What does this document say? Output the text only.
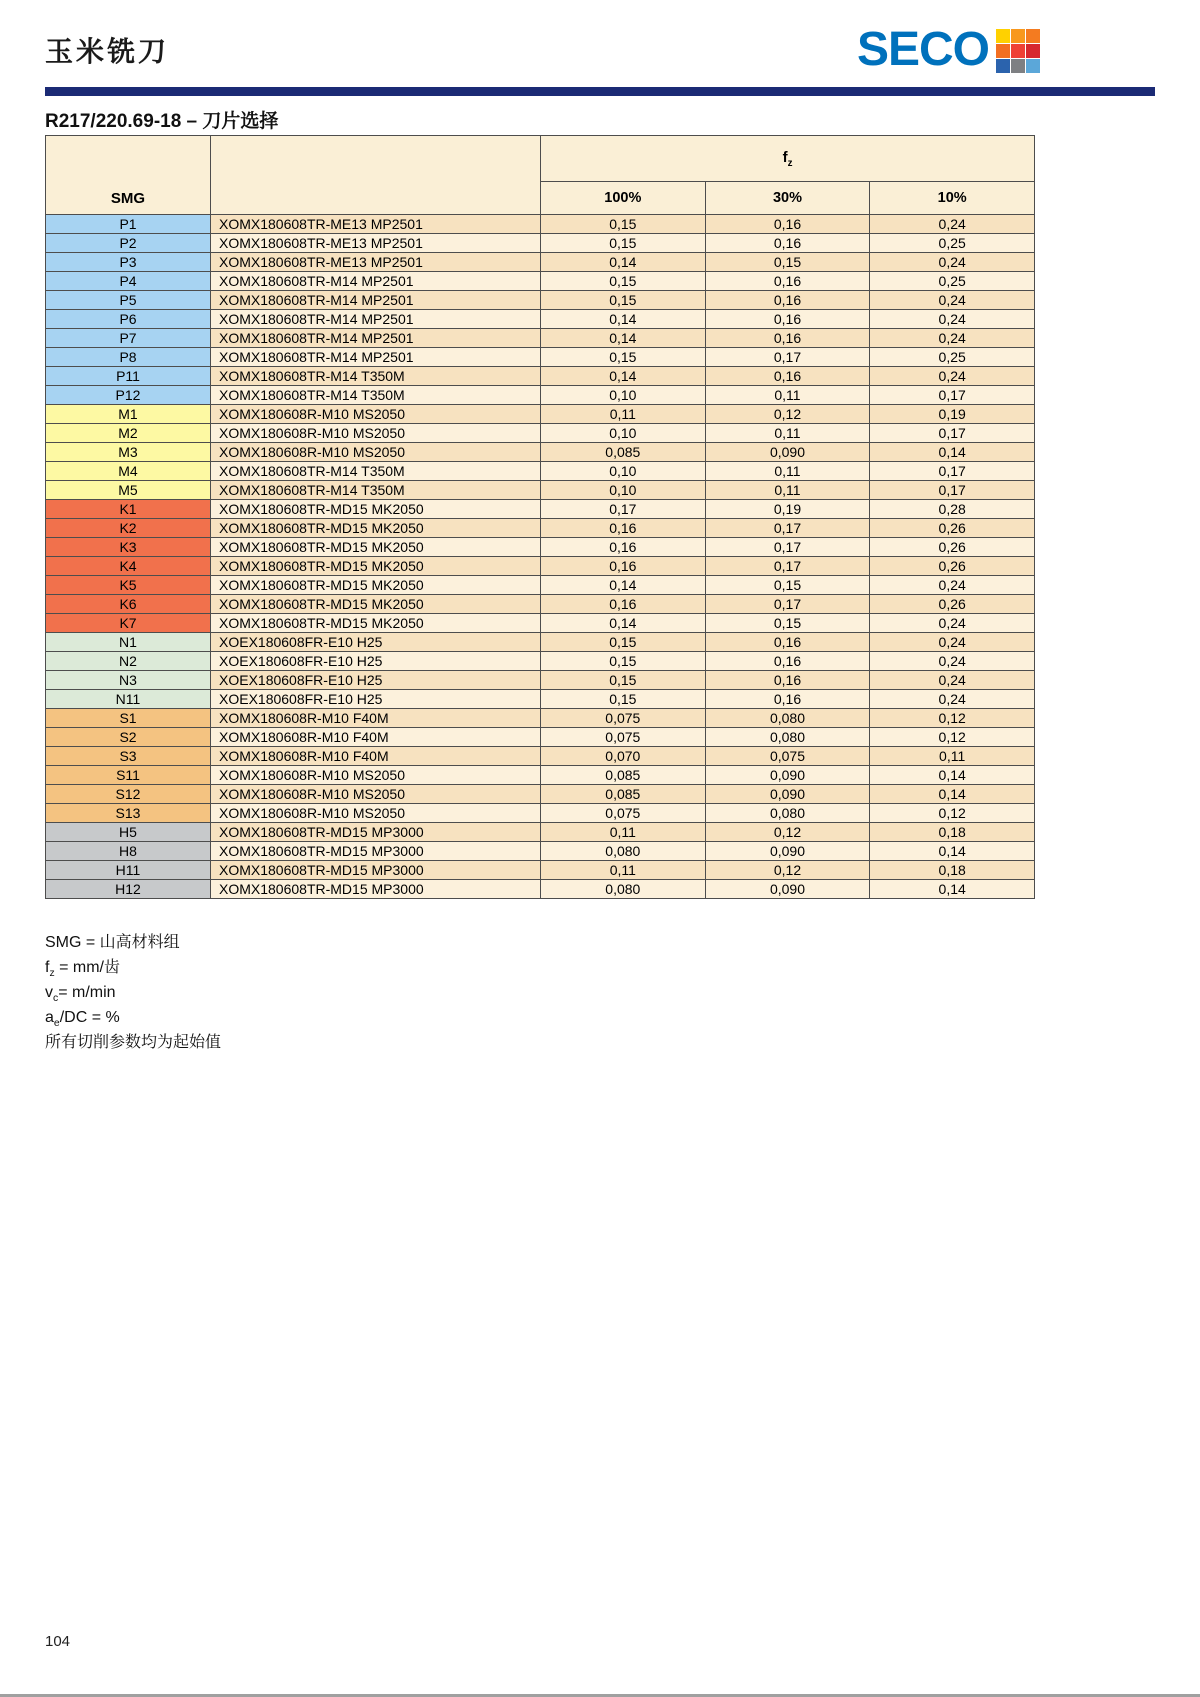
玉米铣刀	SECO
R217/220.69-18 – 刀片选择
SMG		$f_z$
		100%	30%	10%
P1	XOMX180608TR-ME13 MP2501	0,15	0,16	0,24
P2	XOMX180608TR-ME13 MP2501	0,15	0,16	0,25
P3	XOMX180608TR-ME13 MP2501	0,14	0,15	0,24
P4	XOMX180608TR-M14 MP2501	0,15	0,16	0,25
P5	XOMX180608TR-M14 MP2501	0,15	0,16	0,24
P6	XOMX180608TR-M14 MP2501	0,14	0,16	0,24
P7	XOMX180608TR-M14 MP2501	0,14	0,16	0,24
P8	XOMX180608TR-M14 MP2501	0,15	0,17	0,25
P11	XOMX180608TR-M14 T350M	0,14	0,16	0,24
P12	XOMX180608TR-M14 T350M	0,10	0,11	0,17
M1	XOMX180608R-M10 MS2050	0,11	0,12	0,19
M2	XOMX180608R-M10 MS2050	0,10	0,11	0,17
M3	XOMX180608R-M10 MS2050	0,085	0,090	0,14
M4	XOMX180608TR-M14 T350M	0,10	0,11	0,17
M5	XOMX180608TR-M14 T350M	0,10	0,11	0,17
K1	XOMX180608TR-MD15 MK2050	0,17	0,19	0,28
K2	XOMX180608TR-MD15 MK2050	0,16	0,17	0,26
K3	XOMX180608TR-MD15 MK2050	0,16	0,17	0,26
K4	XOMX180608TR-MD15 MK2050	0,16	0,17	0,26
K5	XOMX180608TR-MD15 MK2050	0,14	0,15	0,24
K6	XOMX180608TR-MD15 MK2050	0,16	0,17	0,26
K7	XOMX180608TR-MD15 MK2050	0,14	0,15	0,24
N1	XOEX180608FR-E10 H25	0,15	0,16	0,24
N2	XOEX180608FR-E10 H25	0,15	0,16	0,24
N3	XOEX180608FR-E10 H25	0,15	0,16	0,24
N11	XOEX180608FR-E10 H25	0,15	0,16	0,24
S1	XOMX180608R-M10 F40M	0,075	0,080	0,12
S2	XOMX180608R-M10 F40M	0,075	0,080	0,12
S3	XOMX180608R-M10 F40M	0,070	0,075	0,11
S11	XOMX180608R-M10 MS2050	0,085	0,090	0,14
S12	XOMX180608R-M10 MS2050	0,085	0,090	0,14
S13	XOMX180608R-M10 MS2050	0,075	0,080	0,12
H5	XOMX180608TR-MD15 MP3000	0,11	0,12	0,18
H8	XOMX180608TR-MD15 MP3000	0,080	0,090	0,14
H11	XOMX180608TR-MD15 MP3000	0,11	0,12	0,18
H12	XOMX180608TR-MD15 MP3000	0,080	0,090	0,14
SMG = 山高材料组
$f_z = mm/$齿
$v_c= m/\min$
$a_e/DC$ = %
所有切削参数均为起始值
104
